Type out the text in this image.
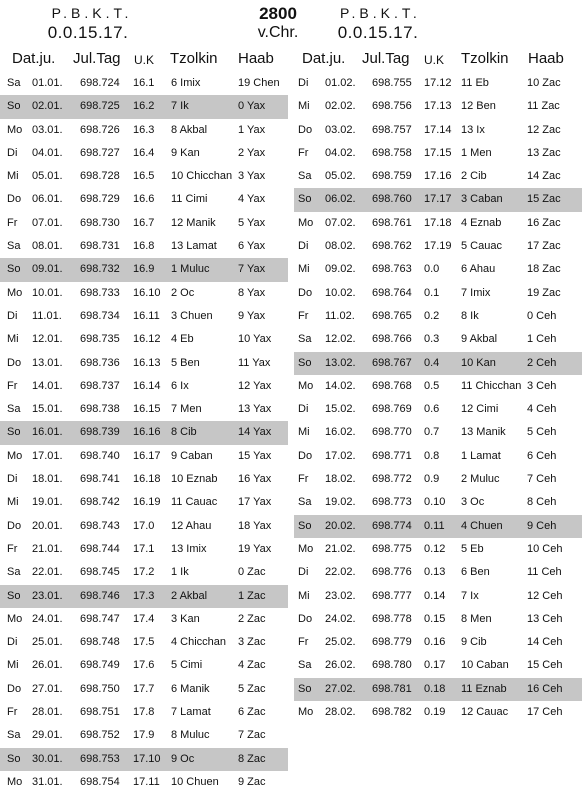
P.B.K.T.
0.0.15.17.
2800
v.Chr.
P.B.K.T.
0.0.15.17.
Dat.ju. Jul.Tag U.K Tzolkin Haab Dat.ju. Jul.Tag U.K Tzolkin Haab
Sa 01.01. 698.724 16.1 6 Imix	19 Chen
So 02.01. 698.725 16.2 7 Ik	0 Yax
Mo 03.01. 698.726 16.3 8 Akbal	1 Yax
Di 04.01. 698.727 16.4 9 Kan	2 Yax
Mi 05.01. 698.728 16.5 10 Chicchan 3 Yax
Do 06.01. 698.729 16.6 11 Cimi	4 Yax
Fr 07.01. 698.730 16.7 12 Manik 5 Yax
Sa 08.01. 698.731 16.8 13 Lamat 6 Yax
So 09.01. 698.732 16.9 1 Muluc	7 Yax
Mo 10.01. 698.733 16.10 2 Oc	8 Yax
Di 11.01. 698.734 16.11 3 Chuen 9 Yax
Mi 12.01. 698.735 16.12 4 Eb	10 Yax
Do 13.01. 698.736 16.13 5 Ben	11 Yax
Fr 14.01. 698.737 16.14 6 Ix	12 Yax
Sa 15.01. 698.738 16.15 7 Men	13 Yax
So 16.01. 698.739 16.16 8 Cib	14 Yax
Mo 17.01. 698.740 16.17 9 Caban 15 Yax
Di 18.01. 698.741 16.18 10 Eznab 16 Yax
Mi 19.01. 698.742 16.19 11 Cauac 17 Yax
Do 20.01. 698.743 17.0 12 Ahau 18 Yax
Fr 21.01. 698.744 17.1 13 Imix	19 Yax
Sa 22.01. 698.745 17.2 1 Ik	0 Zac
So 23.01. 698.746 17.3 2 Akbal	1 Zac
Mo 24.01. 698.747 17.4 3 Kan	2 Zac
Di 25.01. 698.748 17.5 4 Chicchan 3 Zac
Mi 26.01. 698.749 17.6 5 Cimi	4 Zac
Do 27.01. 698.750 17.7 6 Manik	5 Zac
Fr 28.01. 698.751 17.8 7 Lamat 6 Zac
Sa 29.01. 698.752 17.9 8 Muluc	7 Zac
So 30.01. 698.753 17.10 9 Oc	8 Zac
Mo 31.01. 698.754 17.11 10 Chuen 9 Zac
Di 01.02. 698.755 17.12 11 Eb	10 Zac
Mi 02.02. 698.756 17.13 12 Ben	11 Zac
Do 03.02. 698.757 17.14 13 Ix	12 Zac
Fr 04.02. 698.758 17.15 1 Men	13 Zac
Sa 05.02. 698.759 17.16 2 Cib	14 Zac
So 06.02. 698.760 17.17 3 Caban 15 Zac
Mo 07.02. 698.761 17.18 4 Eznab 16 Zac
Di 08.02. 698.762 17.19 5 Cauac 17 Zac
Mi 09.02. 698.763 0.0 6 Ahau	18 Zac
Do 10.02. 698.764 0.1 7 Imix	19 Zac
Fr 11.02. 698.765 0.2 8 Ik	0 Ceh
Sa 12.02. 698.766 0.3 9 Akbal	1 Ceh
So 13.02. 698.767 0.4 10 Kan	2 Ceh
Mo 14.02. 698.768 0.5 11 Chicchan 3 Ceh
Di 15.02. 698.769 0.6 12 Cimi	4 Ceh
Mi 16.02. 698.770 0.7 13 Manik 5 Ceh
Do 17.02. 698.771 0.8 1 Lamat 6 Ceh
Fr 18.02. 698.772 0.9 2 Muluc 7 Ceh
Sa 19.02. 698.773 0.10 3 Oc	8 Ceh
So 20.02. 698.774 0.11 4 Chuen 9 Ceh
Mo 21.02. 698.775 0.12 5 Eb	10 Ceh
Di 22.02. 698.776 0.13 6 Ben	11 Ceh
Mi 23.02. 698.777 0.14 7 Ix	12 Ceh
Do 24.02. 698.778 0.15 8 Men	13 Ceh
Fr 25.02. 698.779 0.16 9 Cib	14 Ceh
Sa 26.02. 698.780 0.17 10 Caban 15 Ceh
So 27.02. 698.781 0.18 11 Eznab 16 Ceh
Mo 28.02. 698.782 0.19 12 Cauac 17 Ceh
